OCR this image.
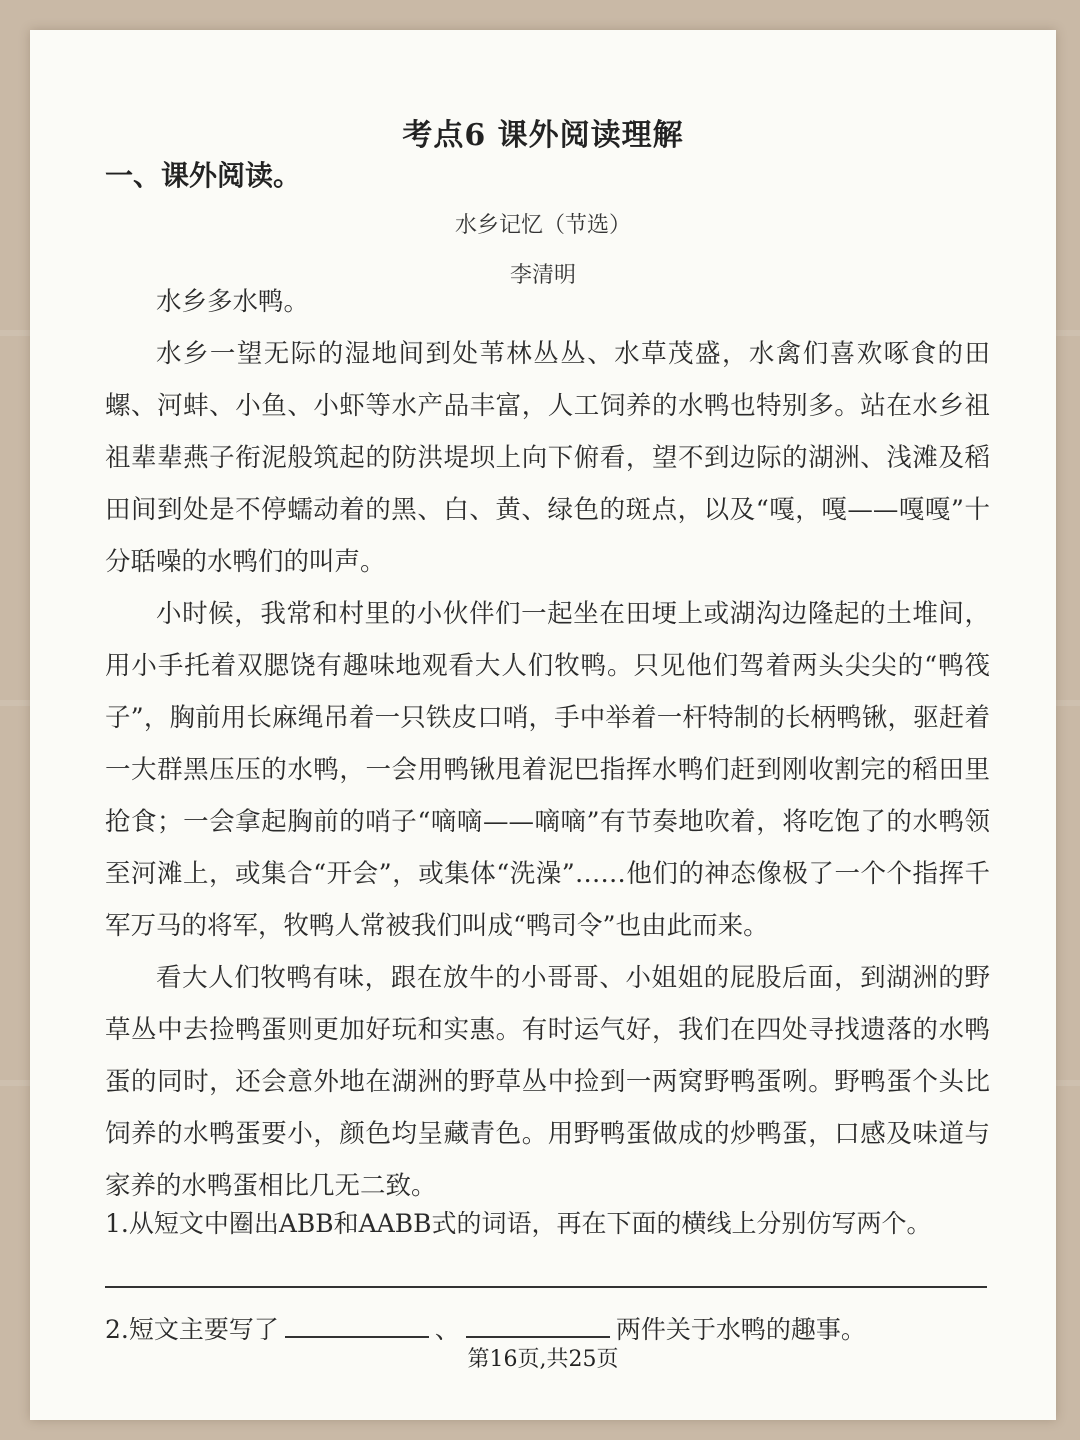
考点6 课外阅读理解
一、课外阅读。
水乡记忆（节选）
李清明

水乡多水鸭。

水乡一望无际的湿地间到处苇林丛丛、水草茂盛，水禽们喜欢啄食的田螺、河蚌、小鱼、小虾等水产品丰富，人工饲养的水鸭也特别多。站在水乡祖祖辈辈燕子衔泥般筑起的防洪堤坝上向下俯看，望不到边际的湖洲、浅滩及稻田间到处是不停蠕动着的黑、白、黄、绿色的斑点，以及“嘎，嘎——嘎嘎”十分聒噪的水鸭们的叫声。

小时候，我常和村里的小伙伴们一起坐在田埂上或湖沟边隆起的土堆间，用小手托着双腮饶有趣味地观看大人们牧鸭。只见他们驾着两头尖尖的“鸭筏子”，胸前用长麻绳吊着一只铁皮口哨，手中举着一杆特制的长柄鸭锹，驱赶着一大群黑压压的水鸭，一会用鸭锹甩着泥巴指挥水鸭们赶到刚收割完的稻田里抢食；一会拿起胸前的哨子“嘀嘀——嘀嘀”有节奏地吹着，将吃饱了的水鸭领至河滩上，或集合“开会”，或集体“洗澡”……他们的神态像极了一个个指挥千军万马的将军，牧鸭人常被我们叫成“鸭司令”也由此而来。

看大人们牧鸭有味，跟在放牛的小哥哥、小姐姐的屁股后面，到湖洲的野草丛中去捡鸭蛋则更加好玩和实惠。有时运气好，我们在四处寻找遗落的水鸭蛋的同时，还会意外地在湖洲的野草丛中捡到一两窝野鸭蛋咧。野鸭蛋个头比饲养的水鸭蛋要小，颜色均呈藏青色。用野鸭蛋做成的炒鸭蛋，口感及味道与家养的水鸭蛋相比几无二致。

1.从短文中圈出ABB和AABB式的词语，再在下面的横线上分别仿写两个。

2.短文主要写了	、	两件关于水鸭的趣事。

第16页,共25页
